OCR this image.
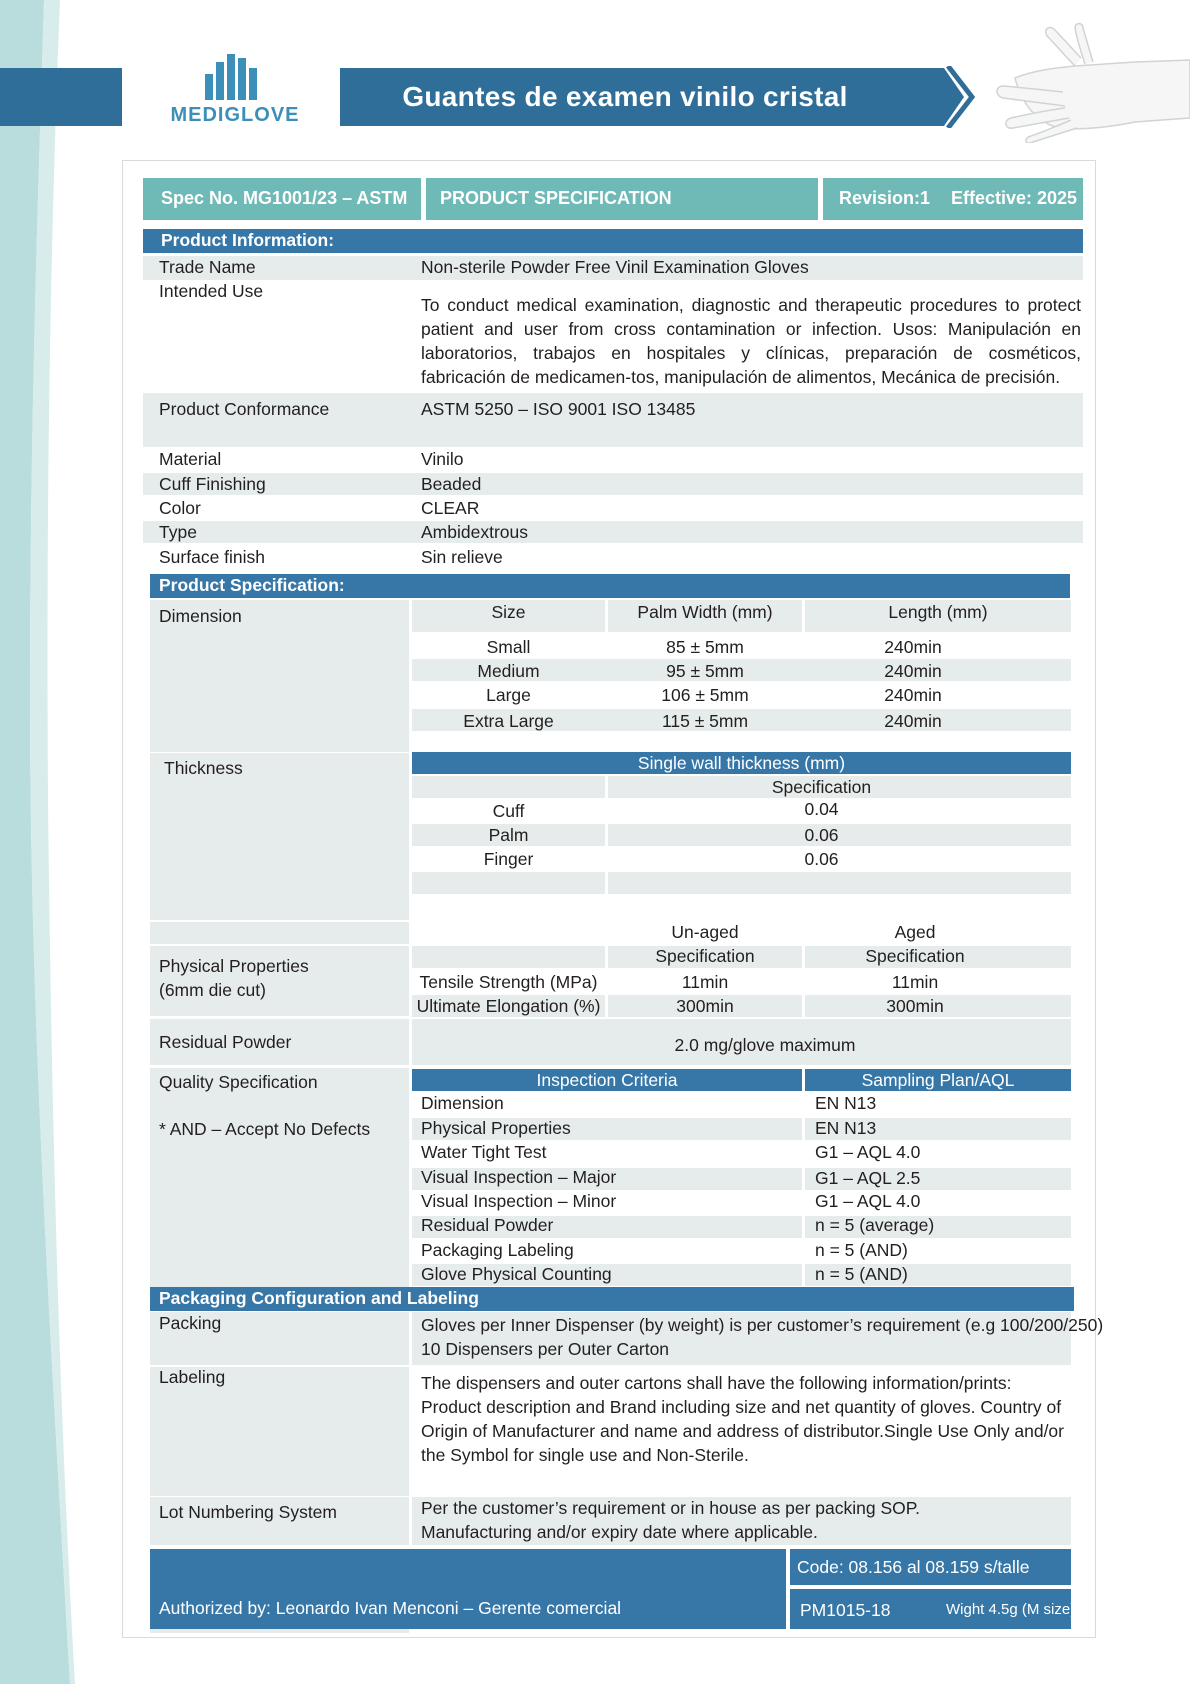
MEDIGLOVE
Guantes de examen vinilo cristal
Spec No. MG1001/23 – ASTM	PRODUCT SPECIFICATION	Revision:1 Effective: 2025
Product Information:
Trade Name	Non-sterile Powder Free Vinil Examination Gloves
Intended Use
To conduct medical examination, diagnostic and therapeutic procedures to protect patient and user from cross contamination or infection. Usos: Manipulación en laboratorios, trabajos en hospitales y clínicas, preparación de cosméticos, fabricación de medicamen-tos, manipulación de alimentos, Mecánica de precisión.
Product Conformance	ASTM 5250 – ISO 9001 ISO 13485
Material	Vinilo
Cuff Finishing	Beaded
Color	CLEAR
Type	Ambidextrous
Surface finish	Sin relieve
Product Specification:
Dimension	Size	Palm Width (mm)	Length (mm)
Small	85 ± 5mm	240min
Medium	95 ± 5mm	240min
Large	106 ± 5mm	240min
Extra Large	115 ± 5mm	240min
Thickness	Single wall thickness (mm)
Specification
Cuff	0.04
Palm	0.06
Finger	0.06
Un-aged	Aged
Specification	Specification
Physical Properties
(6mm die cut)	Tensile Strength (MPa)	11min	11min
Ultimate Elongation (%)	300min	300min
Residual Powder	2.0 mg/glove maximum
Quality Specification
* AND – Accept No Defects
Inspection Criteria	Sampling Plan/AQL
Dimension	EN N13
Physical Properties	EN N13
Water Tight Test	G1 – AQL 4.0
Visual Inspection – Major	G1 – AQL 2.5
Visual Inspection – Minor	G1 – AQL 4.0
Residual Powder	n = 5 (average)
Packaging Labeling	n = 5 (AND)
Glove Physical Counting	n = 5 (AND)
Packaging Configuration and Labeling
Packing	Gloves per Inner Dispenser (by weight) is per customer’s requirement (e.g 100/200/250)
10 Dispensers per Outer Carton
Labeling	The dispensers and outer cartons shall have the following information/prints: Product description and Brand including size and net quantity of gloves. Country of Origin of Manufacturer and name and address of distributor.Single Use Only and/or the Symbol for single use and Non-Sterile.
Lot Numbering System	Per the customer’s requirement or in house as per packing SOP.
Manufacturing and/or expiry date where applicable.
Authorized by: Leonardo Ivan Menconi – Gerente comercial
Code: 08.156 al 08.159 s/talle
PM1015-18	Wight 4.5g (M size)
